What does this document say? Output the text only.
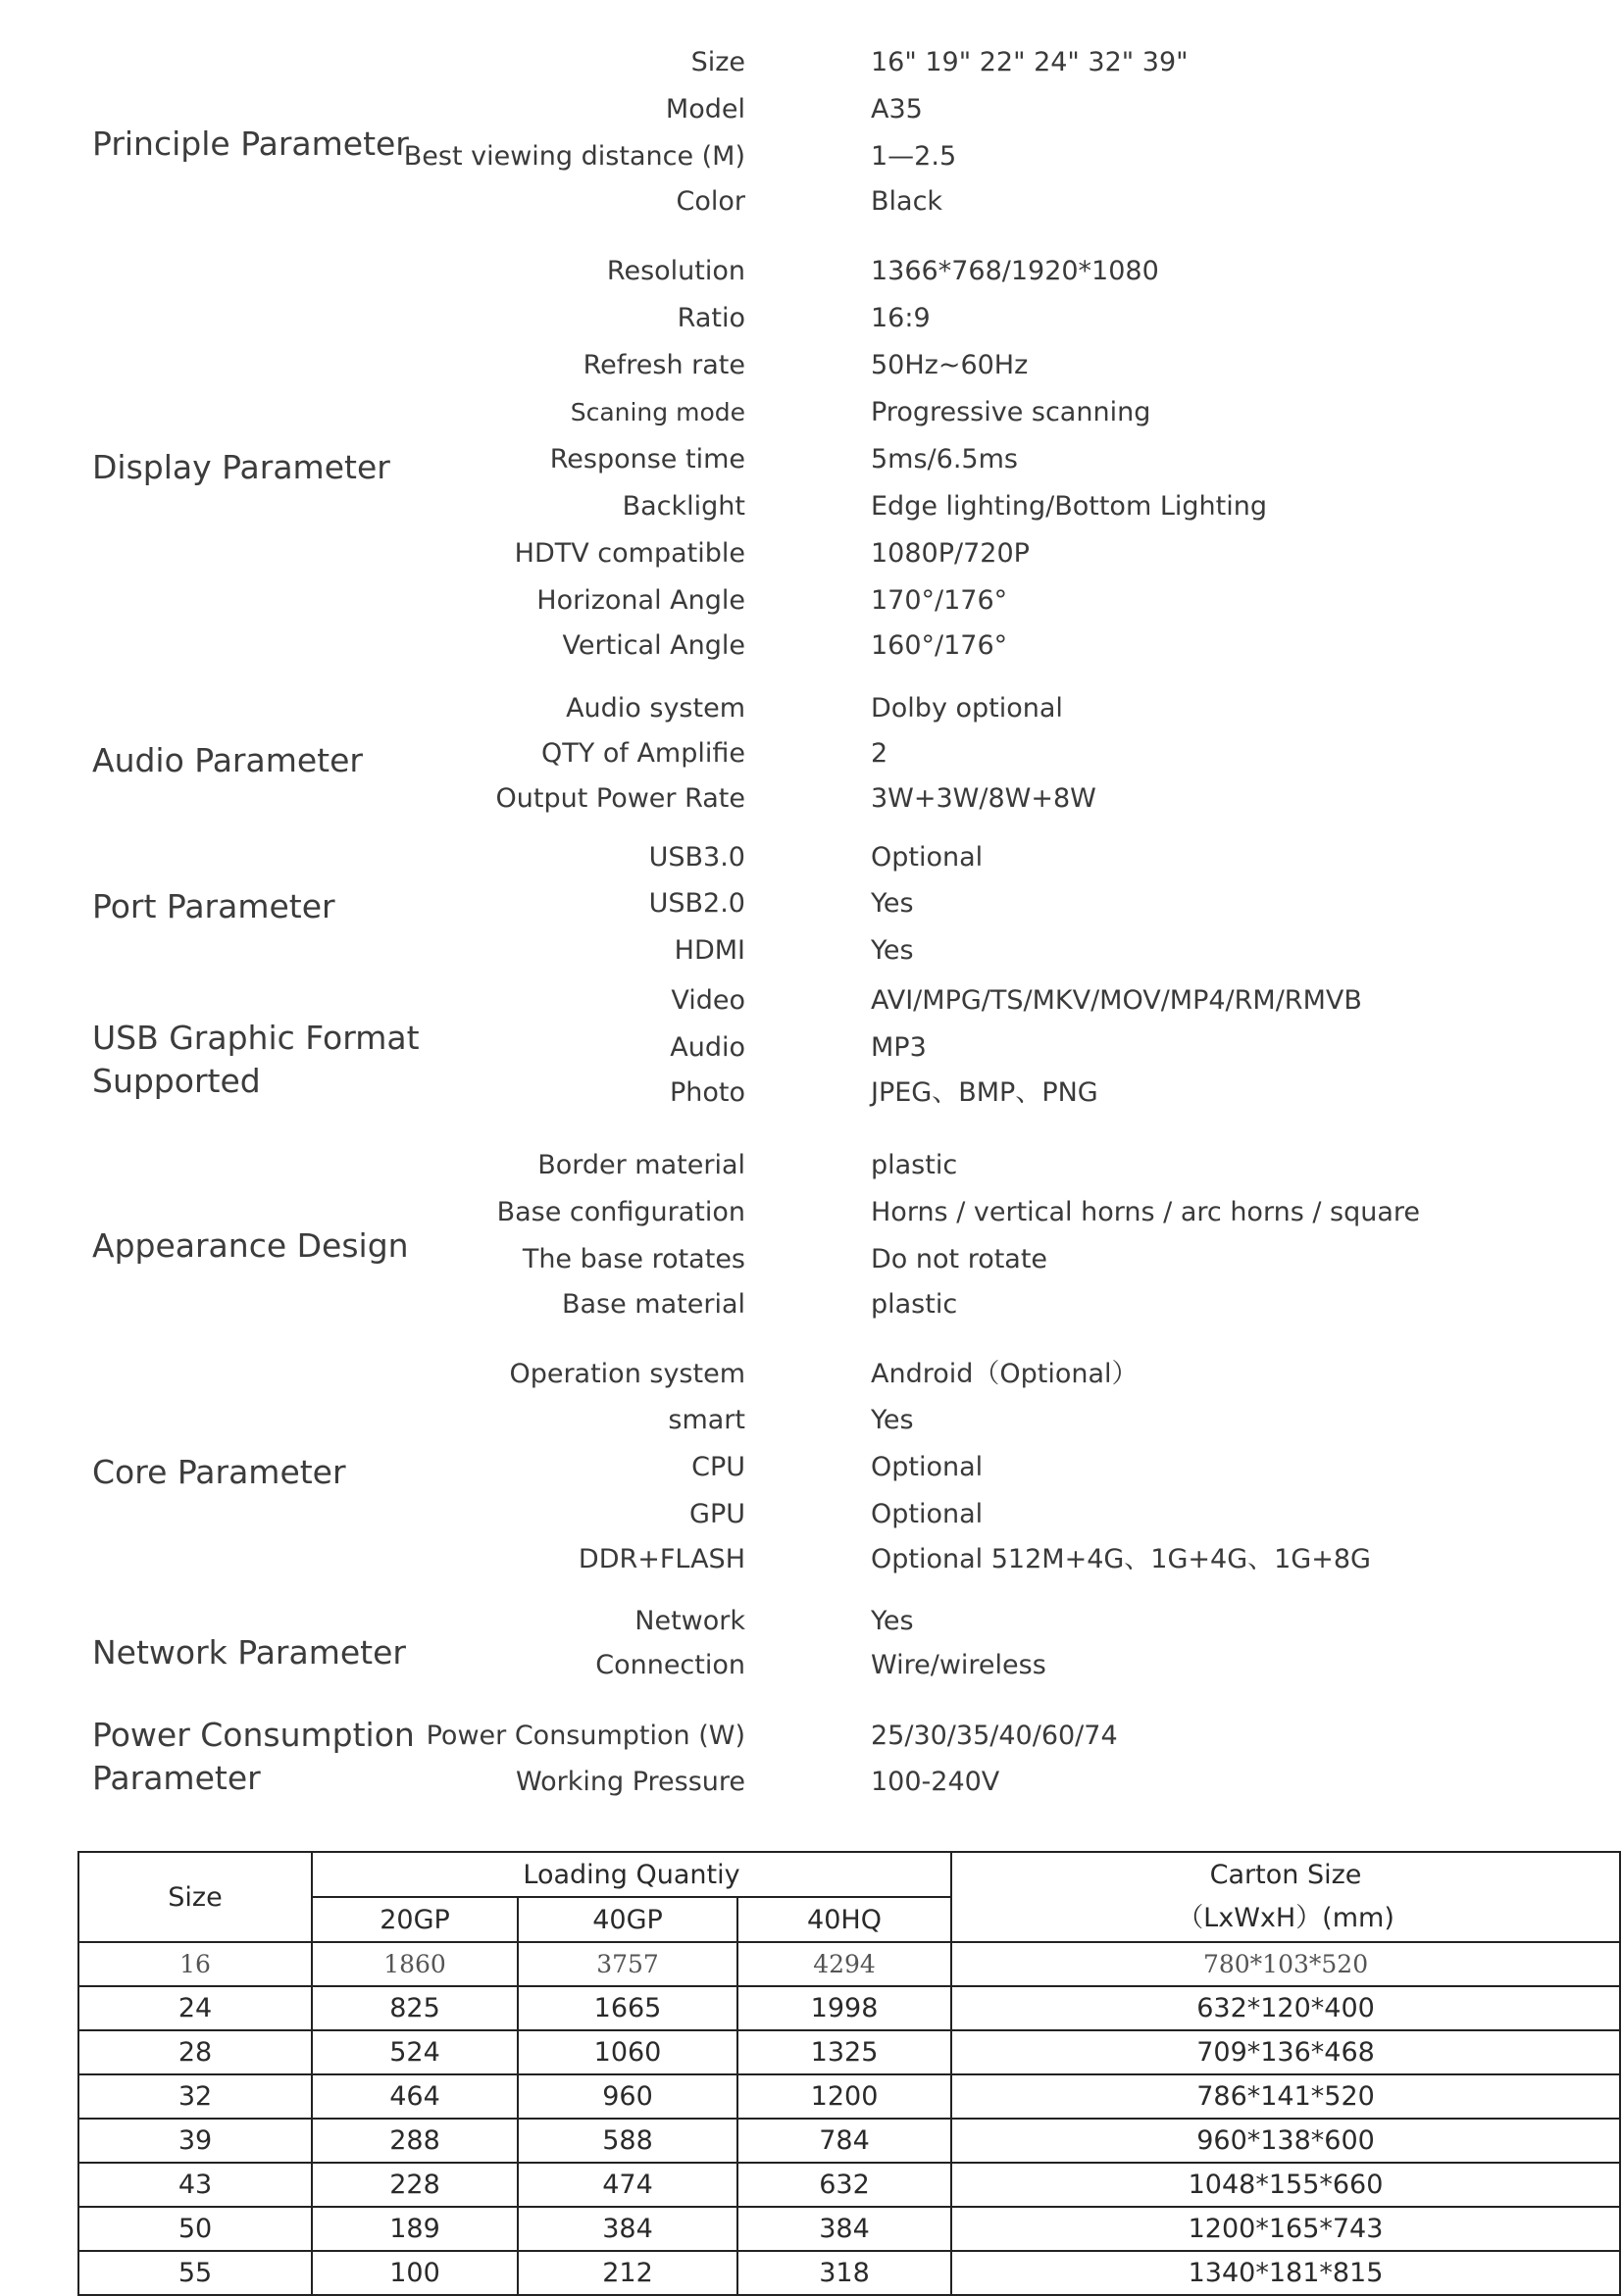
Principle Parameter
Size	16" 19" 22" 24" 32" 39"
Model	A35
Best viewing distance (M)	1—2.5
Color	Black
Display Parameter
Resolution	1366*768/1920*1080
Ratio	16:9
Refresh rate	50Hz~60Hz
Scaning mode	Progressive scanning
Response time	5ms/6.5ms
Backlight	Edge lighting/Bottom Lighting
HDTV compatible	1080P/720P
Horizonal Angle	170°/176°
Vertical Angle	160°/176°
Audio Parameter
Audio system	Dolby optional
QTY of Amplifie	2
Output Power Rate	3W+3W/8W+8W
Port Parameter
USB3.0	Optional
USB2.0	Yes
HDMI	Yes
USB Graphic Format
Supported
Video	AVI/MPG/TS/MKV/MOV/MP4/RM/RMVB
Audio	MP3
Photo	JPEG、BMP、PNG
Appearance Design
Border material	plastic
Base configuration	Horns / vertical horns / arc horns / square
The base rotates	Do not rotate
Base material	plastic
Core Parameter
Operation system	Android（Optional）
smart	Yes
CPU	Optional
GPU	Optional
DDR+FLASH	Optional 512M+4G、1G+4G、1G+8G
Network Parameter
Network	Yes
Connection	Wire/wireless
Power Consumption
Parameter
Power Consumption (W)	25/30/35/40/60/74
Working Pressure	100-240V
Size	Loading Quantiy			Carton Size
（LxWxH）(mm)

	20GP	40GP	40HQ	
16	1860	3757	4294	780*103*520
24	825	1665	1998	632*120*400
28	524	1060	1325	709*136*468
32	464	960	1200	786*141*520
39	288	588	784	960*138*600
43	228	474	632	1048*155*660
50	189	384	384	1200*165*743
55	100	212	318	1340*181*815
